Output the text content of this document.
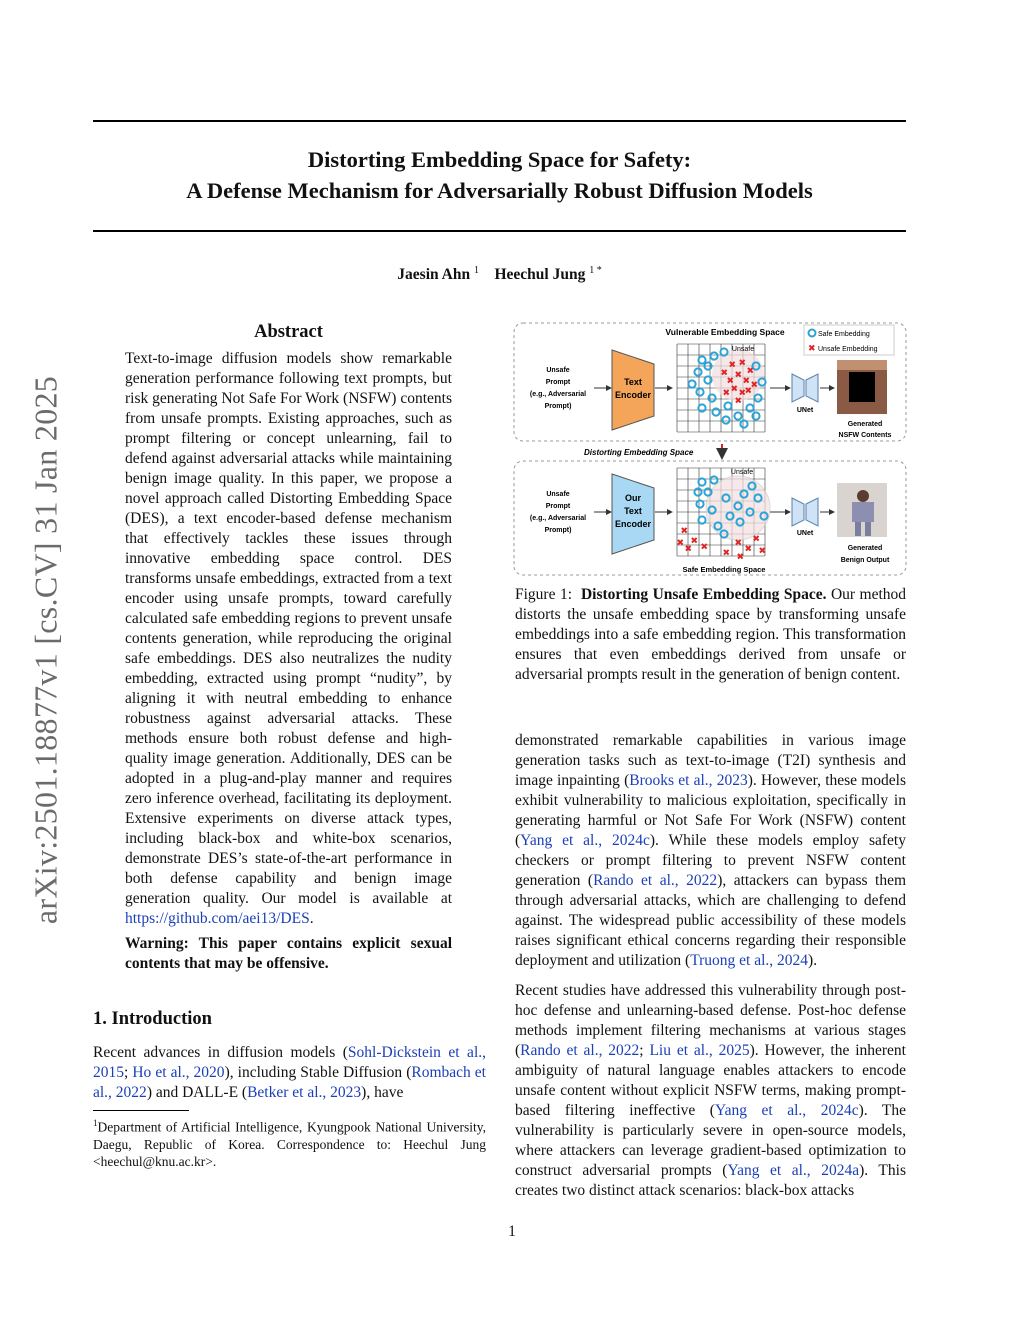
arXiv:2501.18877v1 [cs.CV] 31 Jan 2025
Distorting Embedding Space for Safety:
A Defense Mechanism for Adversarially Robust Diffusion Models
Jaesin Ahn $^1$ Heechul Jung $^{1 *}$
Abstract

Text-to-image diffusion models show remarkable generation performance following text prompts, but risk generating Not Safe For Work (NSFW) contents from unsafe prompts. Existing approaches, such as prompt filtering or concept unlearning, fail to defend against adversarial attacks while maintaining benign image quality. In this paper, we propose a novel approach called Distorting Embedding Space (DES), a text encoder-based defense mechanism that effectively tackles these issues through innovative embedding space control. DES transforms unsafe embeddings, extracted from a text encoder using unsafe prompts, toward carefully calculated safe embedding regions to prevent unsafe contents generation, while reproducing the original safe embeddings. DES also neutralizes the nudity embedding, extracted using prompt “nudity”, by aligning it with neutral embedding to enhance robustness against adversarial attacks. These methods ensure both robust defense and high-quality image generation. Additionally, DES can be adopted in a plug-and-play manner and requires zero inference overhead, facilitating its deployment. Extensive experiments on diverse attack types, including black-box and white-box scenarios, demonstrate DES’s state-of-the-art performance in both defense capability and benign image generation quality. Our model is available at https://github.com/aei13/DES.

Warning: This paper contains explicit sexual contents that may be offensive.

1. Introduction

Recent advances in diffusion models (Sohl-Dickstein et al., 2015; Ho et al., 2020), including Stable Diffusion (Rombach et al., 2022) and DALL-E (Betker et al., 2023), have

$^1$Department of Artificial Intelligence, Kyungpook National University, Daegu, Republic of Korea. Correspondence to: Heechul Jung <heechul@knu.ac.kr>.

Vulnerable Embedding Space	Safe Embedding
✖ Unsafe Embedding
Unsafe
Prompt
(e.g., Adversarial
Prompt)
Text
Encoder
Unsafe
✖ ✖
✖
✖
✖ ✖ ✖
✖ ✖
✖
✖
✖
✖
UNet
Generated
NSFW Contents
Distorting Embedding Space
Unsafe
Prompt
(e.g., Adversarial
Prompt)
Our
Text
Encoder
Unsafe
✖
✖
✖ ✖	✖
✖
✖
✖ ✖
✖
✖
Safe Embedding Space
UNet
Generated
Benign Output

Figure 1: Distorting Unsafe Embedding Space. Our method distorts the unsafe embedding space by transforming unsafe embeddings into a safe embedding region. This transformation ensures that even embeddings derived from unsafe or adversarial prompts result in the generation of benign content.

demonstrated remarkable capabilities in various image generation tasks such as text-to-image (T2I) synthesis and image inpainting (Brooks et al., 2023). However, these models exhibit vulnerability to malicious exploitation, specifically in generating harmful or Not Safe For Work (NSFW) content (Yang et al., 2024c). While these models employ safety checkers or prompt filtering to prevent NSFW content generation (Rando et al., 2022), attackers can bypass them through adversarial attacks, which are challenging to defend against. The widespread public accessibility of these models raises significant ethical concerns regarding their responsible deployment and utilization (Truong et al., 2024).

Recent studies have addressed this vulnerability through post-hoc defense and unlearning-based defense. Post-hoc defense methods implement filtering mechanisms at various stages (Rando et al., 2022; Liu et al., 2025). However, the inherent ambiguity of natural language enables attackers to encode unsafe content without explicit NSFW terms, making prompt-based filtering ineffective (Yang et al., 2024c). The vulnerability is particularly severe in open-source models, where attackers can leverage gradient-based optimization to construct adversarial prompts (Yang et al., 2024a). This creates two distinct attack scenarios: black-box attacks

1
